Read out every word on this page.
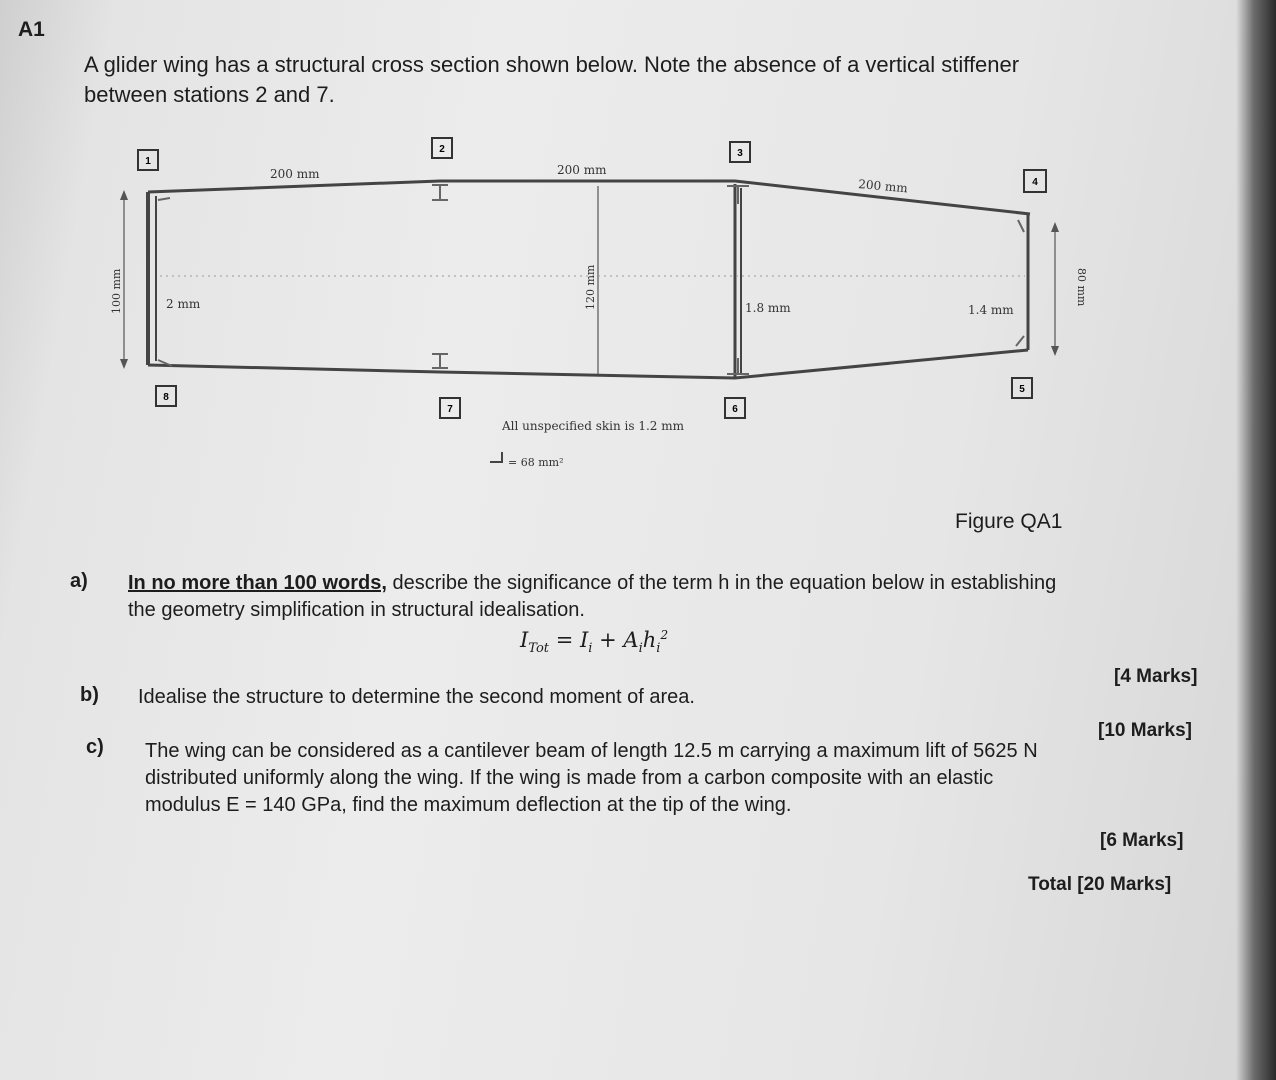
A1
A glider wing has a structural cross section shown below. Note the absence of a vertical stiffener between stations 2 and 7.
1
2	3
4
5
6
7
8
200 mm	200 mm
200 mm
100 mm	120 mm	80 mm
2 mm	1.8 mm	1.4 mm
All unspecified skin is 1.2 mm
= 68 mm²
Figure QA1
a) In no more than 100 words, describe the significance of the term h in the equation below in establishing the geometry simplification in structural idealisation.
$I_{Tot} = I_i + A_ih_i^2$
[4 Marks]
b) Idealise the structure to determine the second moment of area.
[10 Marks]
c) The wing can be considered as a cantilever beam of length 12.5 m carrying a maximum lift of 5625 N distributed uniformly along the wing. If the wing is made from a carbon composite with an elastic modulus E = 140 GPa, find the maximum deflection at the tip of the wing.
[6 Marks]
Total [20 Marks]
